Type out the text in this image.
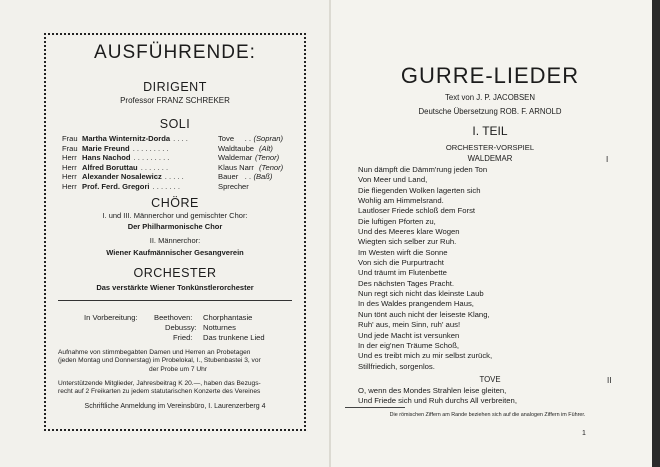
AUSFÜHRENDE:
DIRIGENT
Professor FRANZ SCHREKER
SOLI
Frau Martha Winternitz-Dorda . . . .	Tove . . (Sopran)
Frau Marie Freund . . . . . . . . .	Waldtaube (Alt)
Herr Hans Nachod . . . . . . . . .	Waldemar (Tenor)
Herr Alfred Boruttau . . . . . . .	Klaus Narr (Tenor)
Herr Alexander Nosalewicz . . . . .	Bauer . . (Baß)
Herr Prof. Ferd. Gregori . . . . . . .	Sprecher
CHÖRE
I. und III. Männerchor und gemischter Chor:
Der Philharmonische Chor
II. Männerchor:
Wiener Kaufmännischer Gesangverein
ORCHESTER
Das verstärkte Wiener Tonkünstlerorchester
In Vorbereitung: Beethoven: Chorphantasie
Debussy: Notturnes
Fried: Das trunkene Lied
Aufnahme von stimmbegabten Damen und Herren an Probetagen
(jeden Montag und Donnerstag) im Probelokal, I., Stubenbastei 3, vor
der Probe um 7 Uhr
Unterstützende Mitglieder, Jahresbeitrag K 20.—, haben das Bezugs-
recht auf 2 Freikarten zu jedem statutarischen Konzerte des Vereines
Schriftliche Anmeldung im Vereinsbüro, I. Laurenzerberg 4
GURRE-LIEDER
Text von J. P. JACOBSEN
Deutsche Übersetzung ROB. F. ARNOLD
I. TEIL
ORCHESTER-VORSPIEL
WALDEMAR	I
Nun dämpft die Dämm'rung jeden Ton
Von Meer und Land,
Die fliegenden Wolken lagerten sich
Wohlig am Himmelsrand.
Lautloser Friede schloß dem Forst
Die luftigen Pforten zu,
Und des Meeres klare Wogen
Wiegten sich selber zur Ruh.
Im Westen wirft die Sonne
Von sich die Purpurtracht
Und träumt im Flutenbette
Des nächsten Tages Pracht.
Nun regt sich nicht das kleinste Laub
In des Waldes prangendem Haus,
Nun tönt auch nicht der leiseste Klang,
Ruh' aus, mein Sinn, ruh' aus!
Und jede Macht ist versunken
In der eig'nen Träume Schoß,
Und es treibt mich zu mir selbst zurück,
Stillfriedich, sorgenlos.
TOVE	II
O, wenn des Mondes Strahlen leise gleiten,
Und Friede sich und Ruh durchs All verbreiten,
Die römischen Ziffern am Rande beziehen sich auf die analogen Ziffern im Führer.
1
